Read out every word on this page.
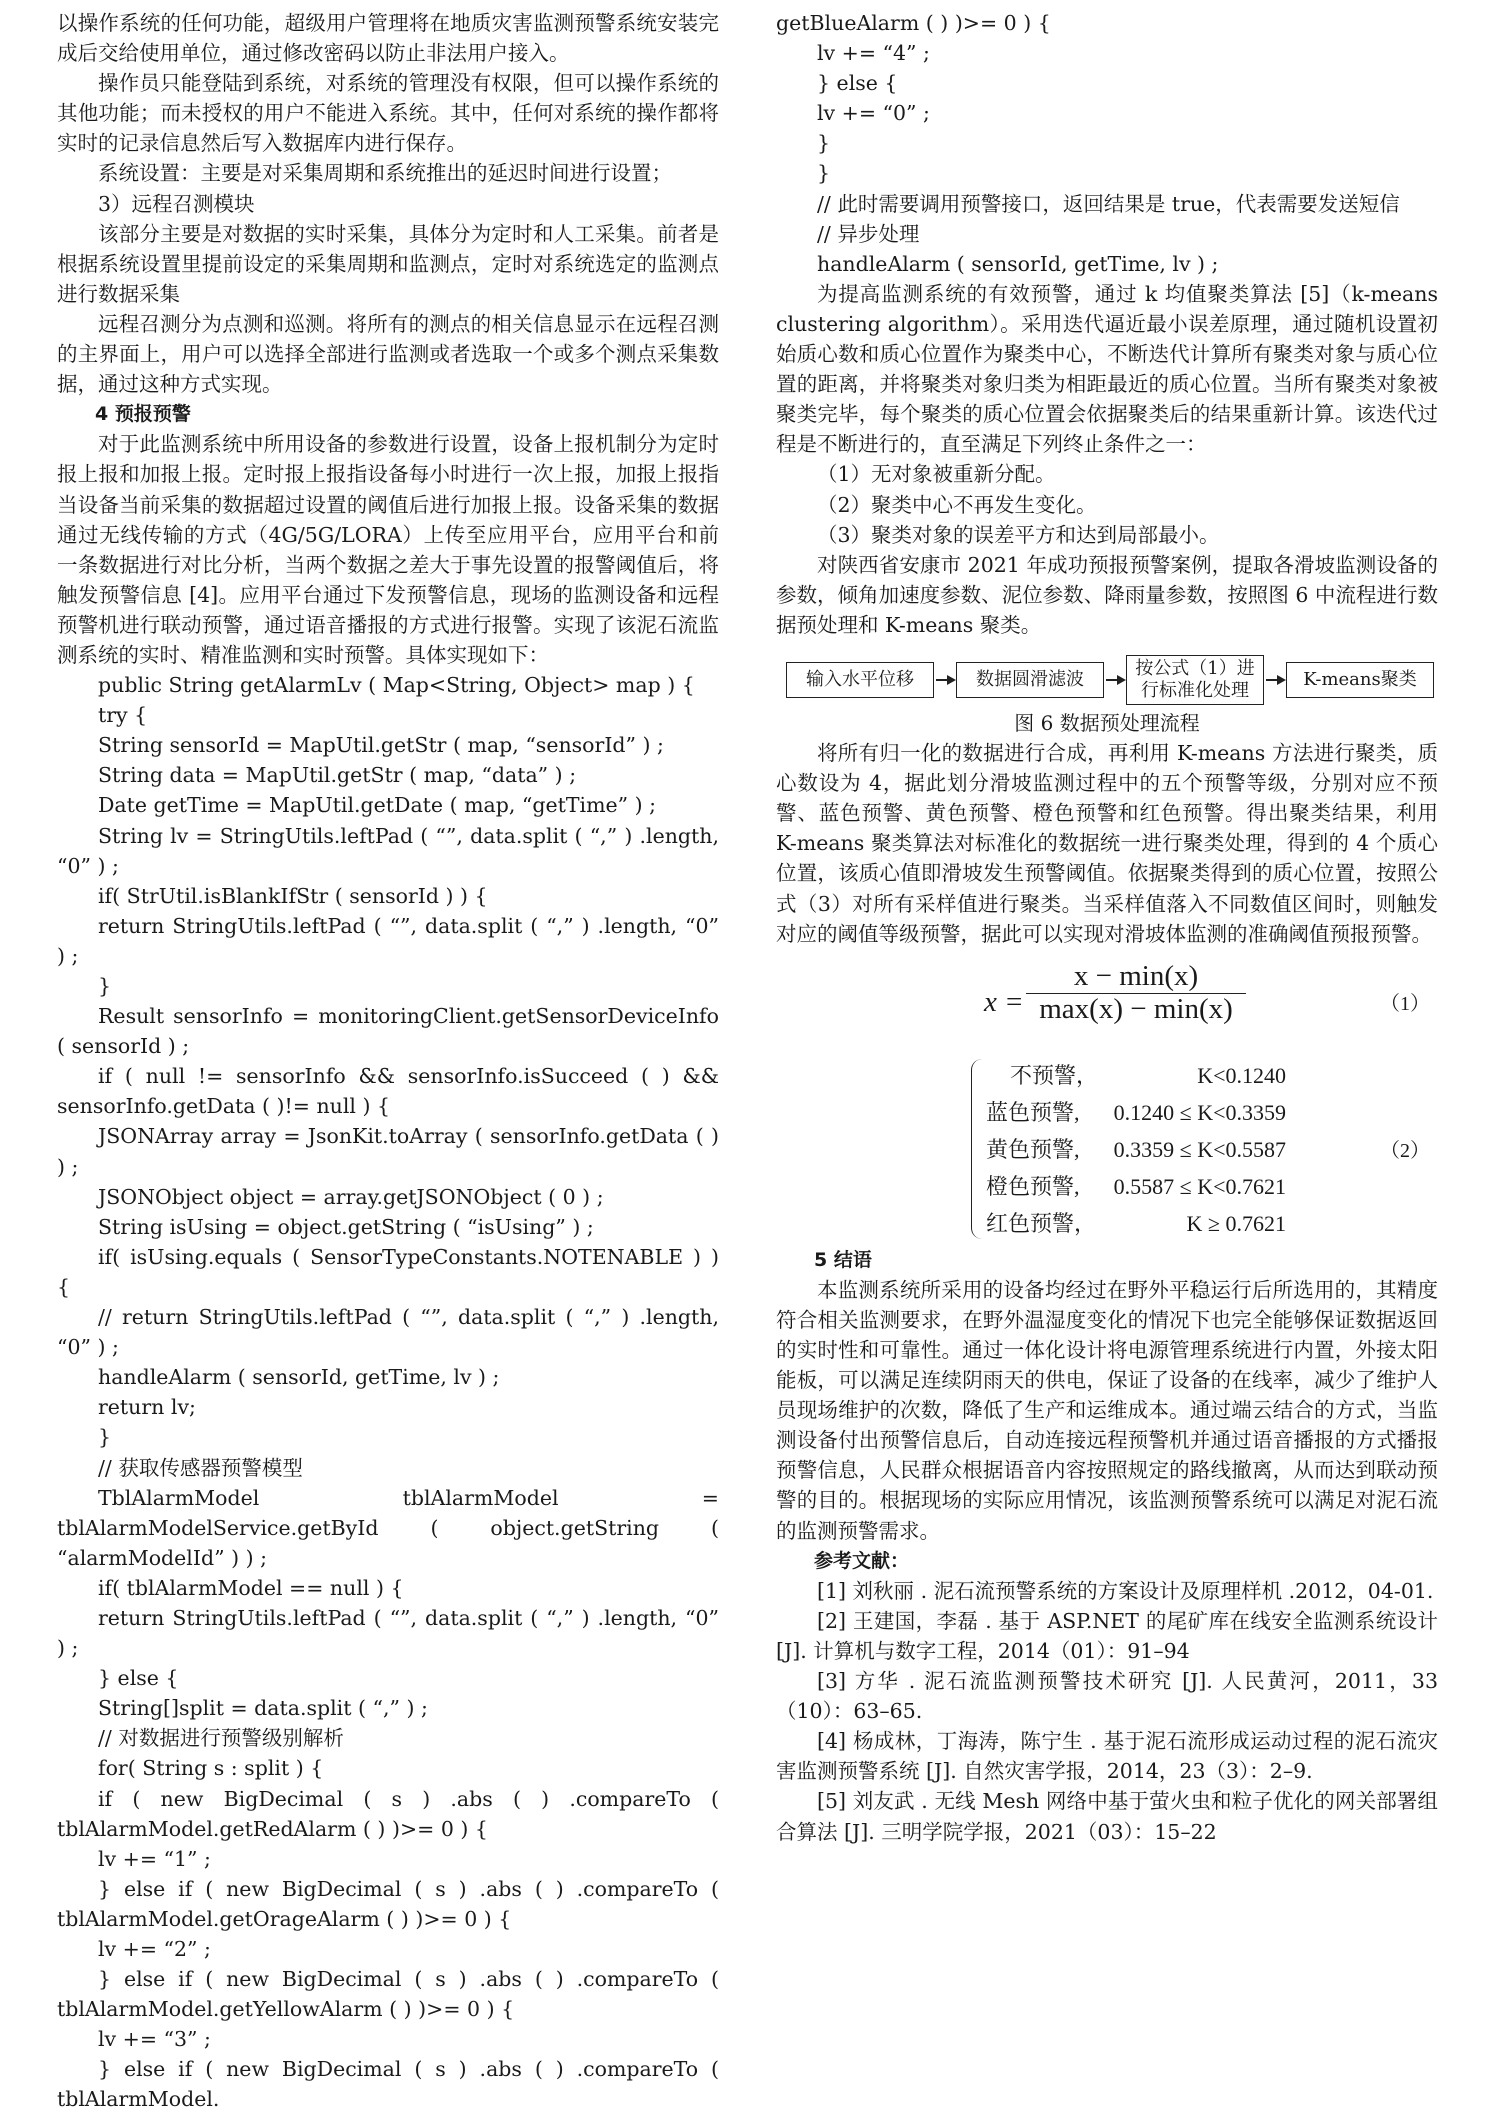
以操作系统的任何功能，超级用户管理将在地质灾害监测预警系统安装完成后交给使用单位，通过修改密码以防止非法用户接入。
操作员只能登陆到系统，对系统的管理没有权限，但可以操作系统的其他功能；而未授权的用户不能进入系统。其中，任何对系统的操作都将实时的记录信息然后写入数据库内进行保存。
系统设置：主要是对采集周期和系统推出的延迟时间进行设置；
3）远程召测模块
该部分主要是对数据的实时采集，具体分为定时和人工采集。前者是根据系统设置里提前设定的采集周期和监测点，定时对系统选定的监测点进行数据采集
远程召测分为点测和巡测。将所有的测点的相关信息显示在远程召测的主界面上，用户可以选择全部进行监测或者选取一个或多个测点采集数据，通过这种方式实现。
4 预报预警
对于此监测系统中所用设备的参数进行设置，设备上报机制分为定时报上报和加报上报。定时报上报指设备每小时进行一次上报，加报上报指当设备当前采集的数据超过设置的阈值后进行加报上报。设备采集的数据通过无线传输的方式（4G/5G/LORA）上传至应用平台，应用平台和前一条数据进行对比分析，当两个数据之差大于事先设置的报警阈值后，将触发预警信息 [4]。应用平台通过下发预警信息，现场的监测设备和远程预警机进行联动预警，通过语音播报的方式进行报警。实现了该泥石流监测系统的实时、精准监测和实时预警。具体实现如下：
public String getAlarmLv ( Map<String, Object> map ) {
try {
String sensorId = MapUtil.getStr ( map, “sensorId” ) ;
String data = MapUtil.getStr ( map, “data” ) ;
Date getTime = MapUtil.getDate ( map, “getTime” ) ;
String lv = StringUtils.leftPad ( “”, data.split ( “,” ) .length, “0” ) ;
if( StrUtil.isBlankIfStr ( sensorId ) ) {
return StringUtils.leftPad ( “”, data.split ( “,” ) .length, “0” ) ;
}
Result sensorInfo = monitoringClient.getSensorDeviceInfo ( sensorId ) ;
if ( null != sensorInfo && sensorInfo.isSucceed ( ) && sensorInfo.getData ( )!= null ) {
JSONArray array = JsonKit.toArray ( sensorInfo.getData ( ) ) ;
JSONObject object = array.getJSONObject ( 0 ) ;
String isUsing = object.getString ( “isUsing” ) ;
if( isUsing.equals ( SensorTypeConstants.NOTENABLE ) ) {
// return StringUtils.leftPad ( “”, data.split ( “,” ) .length, “0” ) ;
handleAlarm ( sensorId, getTime, lv ) ;
return lv;
}
// 获取传感器预警模型
TblAlarmModel tblAlarmModel = tblAlarmModelService.getById ( object.getString ( “alarmModelId” ) ) ;
if( tblAlarmModel == null ) {
return StringUtils.leftPad ( “”, data.split ( “,” ) .length, “0” ) ;
} else {
String[]split = data.split ( “,” ) ;
// 对数据进行预警级别解析
for( String s : split ) {
if ( new BigDecimal ( s ) .abs ( ) .compareTo ( tblAlarmModel.getRedAlarm ( ) )>= 0 ) {
lv += “1” ;
} else if ( new BigDecimal ( s ) .abs ( ) .compareTo ( tblAlarmModel.getOrageAlarm ( ) )>= 0 ) {
lv += “2” ;
} else if ( new BigDecimal ( s ) .abs ( ) .compareTo ( tblAlarmModel.getYellowAlarm ( ) )>= 0 ) {
lv += “3” ;
} else if ( new BigDecimal ( s ) .abs ( ) .compareTo ( tblAlarmModel.
getBlueAlarm ( ) )>= 0 ) {
lv += “4” ;
} else {
lv += “0” ;
}
}
// 此时需要调用预警接口，返回结果是 true，代表需要发送短信
// 异步处理
handleAlarm ( sensorId, getTime, lv ) ;
为提高监测系统的有效预警，通过 k 均值聚类算法 [5]（k-means clustering algorithm）。采用迭代逼近最小误差原理，通过随机设置初始质心数和质心位置作为聚类中心，不断迭代计算所有聚类对象与质心位置的距离，并将聚类对象归类为相距最近的质心位置。当所有聚类对象被聚类完毕，每个聚类的质心位置会依据聚类后的结果重新计算。该迭代过程是不断进行的，直至满足下列终止条件之一：
（1）无对象被重新分配。
（2）聚类中心不再发生变化。
（3）聚类对象的误差平方和达到局部最小。
对陕西省安康市 2021 年成功预报预警案例，提取各滑坡监测设备的参数，倾角加速度参数、泥位参数、降雨量参数，按照图 6 中流程进行数据预处理和 K-means 聚类。
输入水平位移	数据圆滑滤波
按公式（1）进行标准化处理
K-means聚类
图 6 数据预处理流程
将所有归一化的数据进行合成，再利用 K-means 方法进行聚类，质心数设为 4，据此划分滑坡监测过程中的五个预警等级，分别对应不预警、蓝色预警、黄色预警、橙色预警和红色预警。得出聚类结果，利用 K-means 聚类算法对标准化的数据统一进行聚类处理，得到的 4 个质心位置，该质心值即滑坡发生预警阈值。依据聚类得到的质心位置，按照公式（3）对所有采样值进行聚类。当采样值落入不同数值区间时，则触发对应的阈值等级预警，据此可以实现对滑坡体监测的准确阈值预报预警。
x =
x − min(x)
max(x) − min(x)	（1）
不预警，	K<0.1240
蓝色预警, 0.1240 ≤ K<0.3359
黄色预警, 0.3359 ≤ K<0.5587
橙色预警, 0.5587 ≤ K<0.7621
红色预警，	K ≥ 0.7621
（2）
5 结语
本监测系统所采用的设备均经过在野外平稳运行后所选用的，其精度符合相关监测要求，在野外温湿度变化的情况下也完全能够保证数据返回的实时性和可靠性。通过一体化设计将电源管理系统进行内置，外接太阳能板，可以满足连续阴雨天的供电，保证了设备的在线率，减少了维护人员现场维护的次数，降低了生产和运维成本。通过端云结合的方式，当监测设备付出预警信息后，自动连接远程预警机并通过语音播报的方式播报预警信息，人民群众根据语音内容按照规定的路线撤离，从而达到联动预警的目的。根据现场的实际应用情况，该监测预警系统可以满足对泥石流的监测预警需求。
参考文献：
[1] 刘秋丽 . 泥石流预警系统的方案设计及原理样机 .2012，04-01.
[2] 王建国，李磊 . 基于 ASP.NET 的尾矿库在线安全监测系统设计 [J]. 计算机与数字工程，2014（01）：91–94
[3] 方华 . 泥石流监测预警技术研究 [J]. 人民黄河，2011，33（10）：63–65.
[4] 杨成林，丁海涛，陈宁生 . 基于泥石流形成运动过程的泥石流灾害监测预警系统 [J]. 自然灾害学报，2014，23（3）：2–9.
[5] 刘友武 . 无线 Mesh 网络中基于萤火虫和粒子优化的网关部署组合算法 [J]. 三明学院学报，2021（03）：15–22
